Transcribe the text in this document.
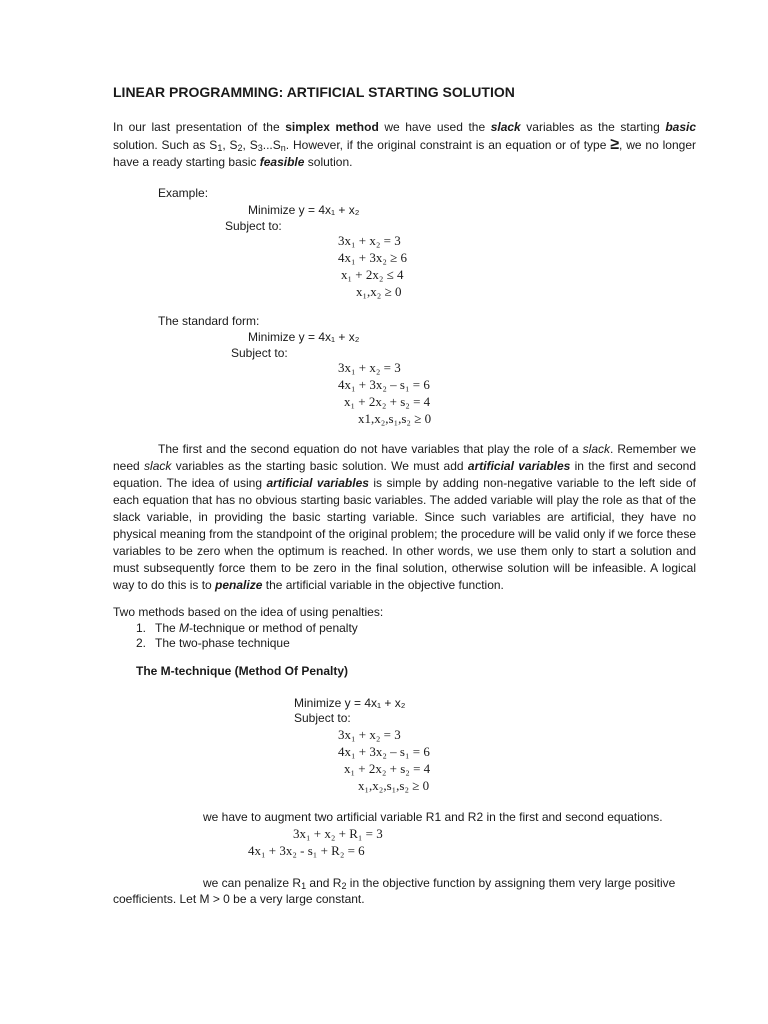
LINEAR PROGRAMMING: ARTIFICIAL STARTING SOLUTION
In our last presentation of the simplex method we have used the slack variables as the starting basic solution. Such as $S_1$, $S_2$, $S_3...S_n$. However, if the original constraint is an equation or of type ≥, we no longer have a ready starting basic feasible solution.
Example:
Minimize y = 4x₁ + x₂
Subject to:
3x₁ + x₂ = 3
4x₁ + 3x₂ ≥ 6
x₁ + 2x₂ ≤ 4
x₁,x₂ ≥ 0
The standard form:
Minimize y = 4x₁ + x₂
Subject to:
3x₁ + x₂ = 3
4x₁ + 3x₂ – s₁ = 6
x₁ + 2x₂ + s₂ = 4
x1,x₂,s₁,s₂ ≥ 0
The first and the second equation do not have variables that play the role of a slack. Remember we need slack variables as the starting basic solution. We must add artificial variables in the first and second equation. The idea of using artificial variables is simple by adding non-negative variable to the left side of each equation that has no obvious starting basic variables. The added variable will play the role as that of the slack variable, in providing the basic starting variable. Since such variables are artificial, they have no physical meaning from the standpoint of the original problem; the procedure will be valid only if we force these variables to be zero when the optimum is reached. In other words, we use them only to start a solution and must subsequently force them to be zero in the final solution, otherwise solution will be infeasible. A logical way to do this is to penalize the artificial variable in the objective function.
Two methods based on the idea of using penalties:
1. The M-technique or method of penalty
2. The two-phase technique
The M-technique (Method Of Penalty)
Minimize y = 4x₁ + x₂
Subject to:
3x₁ + x₂ = 3
4x₁ + 3x₂ – s₁ = 6
x₁ + 2x₂ + s₂ = 4
x₁,x₂,s₁,s₂ ≥ 0
we have to augment two artificial variable R1 and R2 in the first and second equations.
3x₁ + x₂ + R₁ = 3
4x₁ + 3x₂ - s₁ + R₂ = 6
we can penalize $R_1$ and $R_2$ in the objective function by assigning them very large positive
coefficients. Let M > 0 be a very large constant.
